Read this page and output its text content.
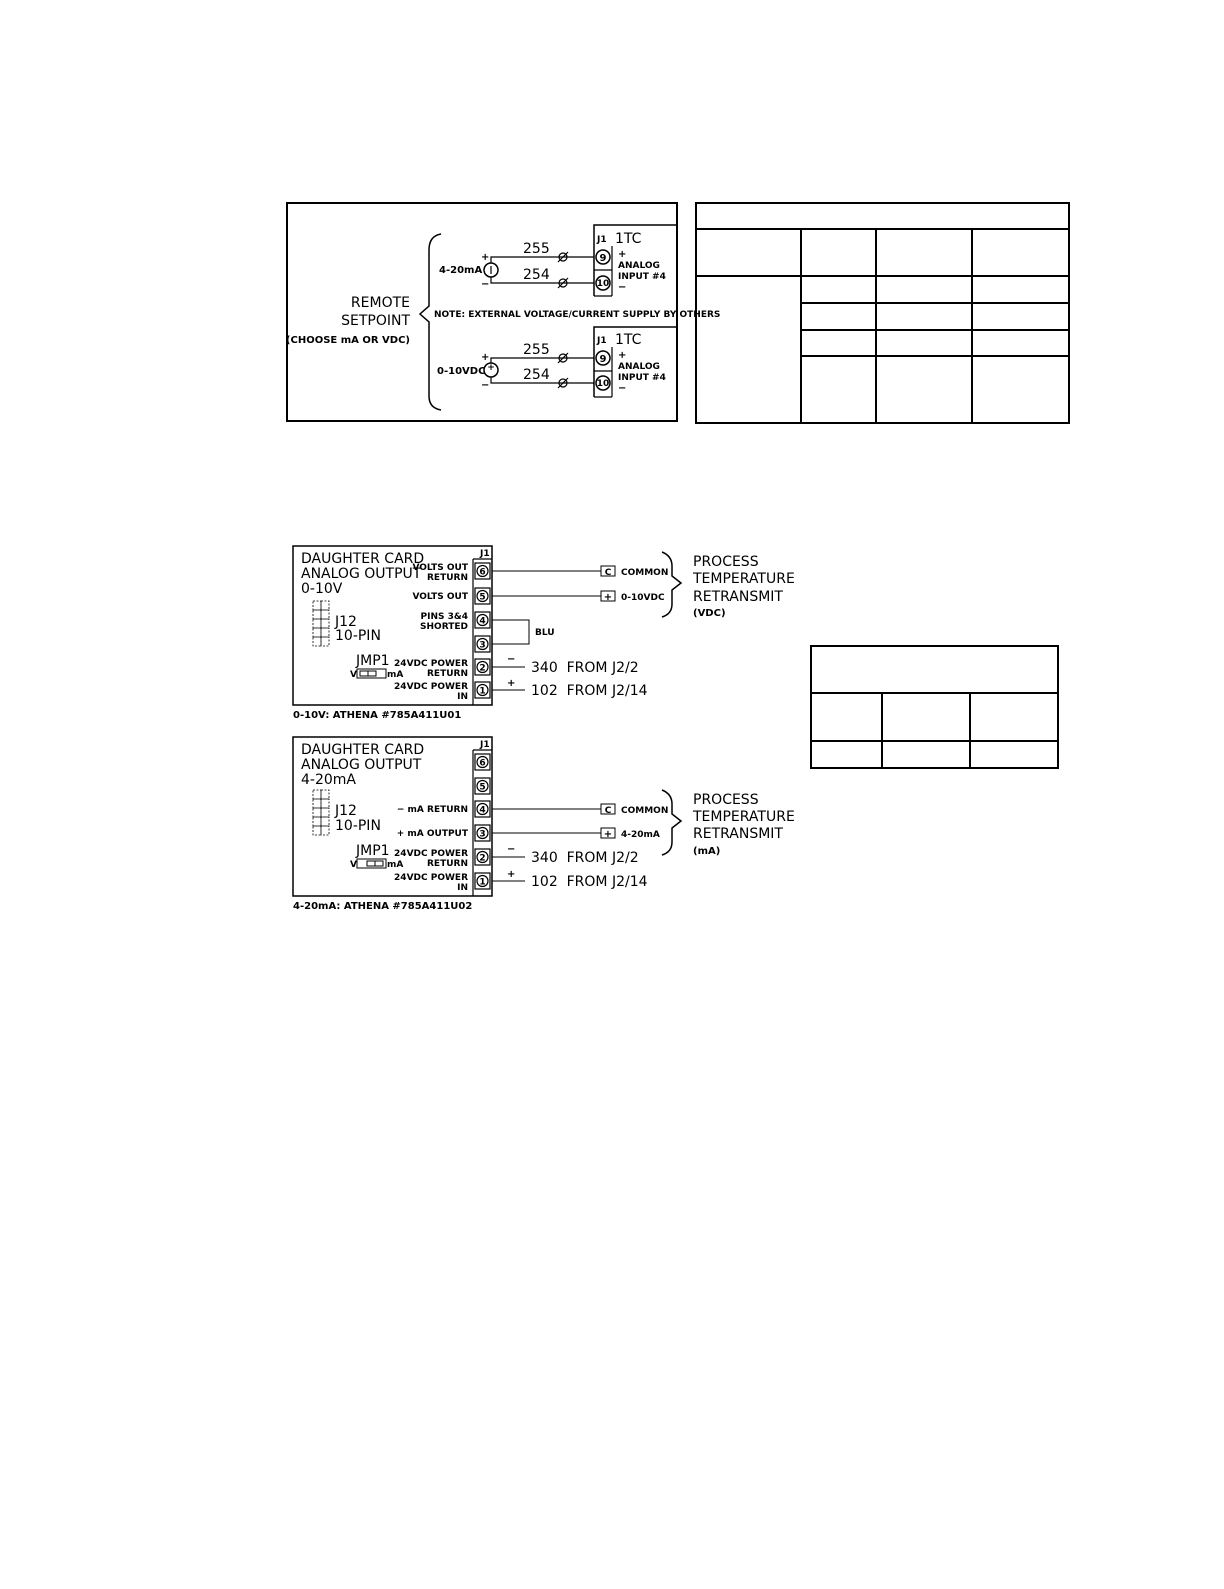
REMOTE
SETPOINT
(CHOOSE mA OR VDC)
NOTE: EXTERNAL VOLTAGE/CURRENT SUPPLY BY OTHERS
4-20mA
+
−
255
254
J1 1TC
9
10
+
ANALOG
INPUT #4
−
0-10VDC +
+
−
255
254
J1 1TC
9
10
+
ANALOG
INPUT #4
−
DAUGHTER CARD
ANALOG OUTPUT
0-10V
J1
J12
10-PIN
JMP1
V	mA
6
VOLTS OUT
RETURN
5
VOLTS OUT
4
PINS 3&4
SHORTED
3
2
24VDC POWER
RETURN
1
24VDC POWER
IN
0-10V: ATHENA #785A411U01
BLU
−
+
340  FROM J2/2
102  FROM J2/14
C COMMON
+ 0-10VDC
PROCESS
TEMPERATURE
RETRANSMIT
(VDC)
DAUGHTER CARD
ANALOG OUTPUT
4-20mA
J1
J12
10-PIN
JMP1
V	mA
6
5
4
− mA RETURN
3
+ mA OUTPUT
2
24VDC POWER
RETURN
1
24VDC POWER
IN
4-20mA: ATHENA #785A411U02
−
+
340  FROM J2/2
102  FROM J2/14
C COMMON
+ 4-20mA
PROCESS
TEMPERATURE
RETRANSMIT
(mA)
